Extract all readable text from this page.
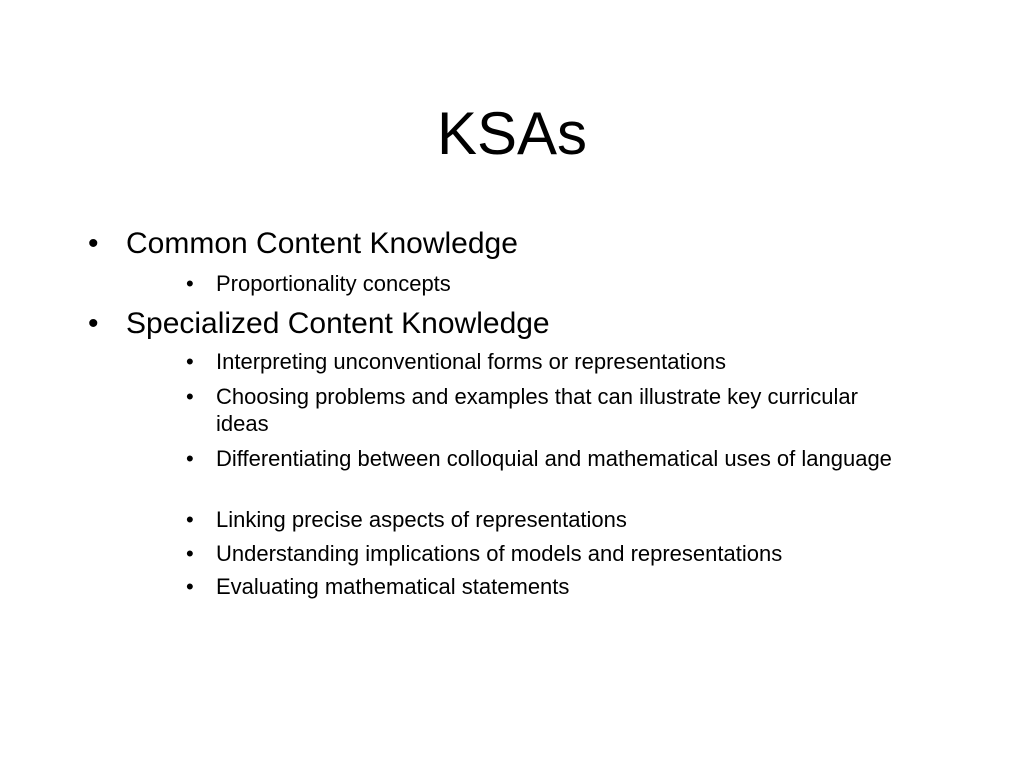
KSAs
• Common Content Knowledge
• Proportionality concepts
• Specialized Content Knowledge
• Interpreting unconventional forms or representations
• Choosing problems and examples that can illustrate key curricular ideas
• Differentiating between colloquial and mathematical uses of language
• Linking precise aspects of representations
• Understanding implications of models and representations
• Evaluating mathematical statements
